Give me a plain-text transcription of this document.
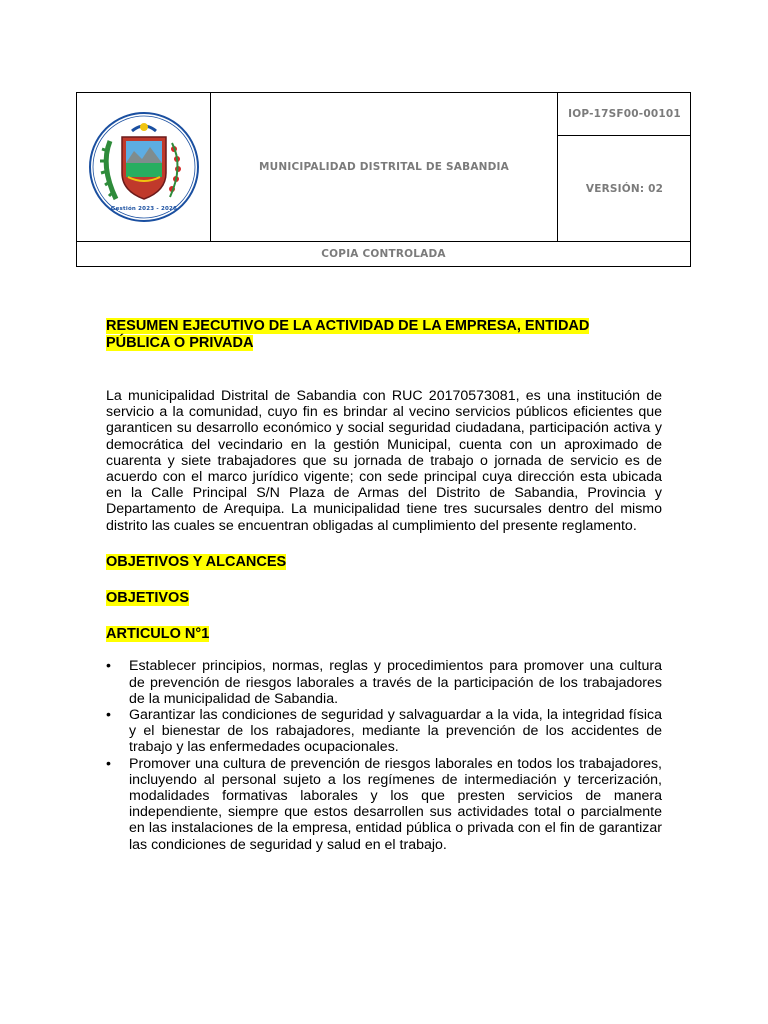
Gestión 2023 - 2026
MUNICIPALIDAD DISTRITAL DE SABANDIA
IOP-17SF00-00101
VERSIÓN: 02
COPIA CONTROLADA

RESUMEN EJECUTIVO DE LA ACTIVIDAD DE LA EMPRESA, ENTIDAD
PÚBLICA O PRIVADA

La municipalidad Distrital de Sabandia con RUC 20170573081, es una institución de servicio a la comunidad, cuyo fin es brindar al vecino servicios públicos eficientes que garanticen su desarrollo económico y social seguridad ciudadana, participación activa y democrática del vecindario en la gestión Municipal, cuenta con un aproximado de cuarenta y siete trabajadores que su jornada de trabajo o jornada de servicio es de acuerdo con el marco jurídico vigente; con sede principal cuya dirección esta ubicada en la Calle Principal S/N Plaza de Armas del Distrito de Sabandia, Provincia y Departamento de Arequipa. La municipalidad tiene tres sucursales dentro del mismo distrito las cuales se encuentran obligadas al cumplimiento del presente reglamento.

OBJETIVOS Y ALCANCES

OBJETIVOS

ARTICULO N°1

• Establecer principios, normas, reglas y procedimientos para promover una cultura de prevención de riesgos laborales a través de la participación de los trabajadores de la municipalidad de Sabandia.
• Garantizar las condiciones de seguridad y salvaguardar a la vida, la integridad física y el bienestar de los rabajadores, mediante la prevención de los accidentes de trabajo y las enfermedades ocupacionales.
• Promover una cultura de prevención de riesgos laborales en todos los trabajadores, incluyendo al personal sujeto a los regímenes de intermediación y tercerización, modalidades formativas laborales y los que presten servicios de manera independiente, siempre que estos desarrollen sus actividades total o parcialmente en las instalaciones de la empresa, entidad pública o privada con el fin de garantizar las condiciones de seguridad y salud en el trabajo.
